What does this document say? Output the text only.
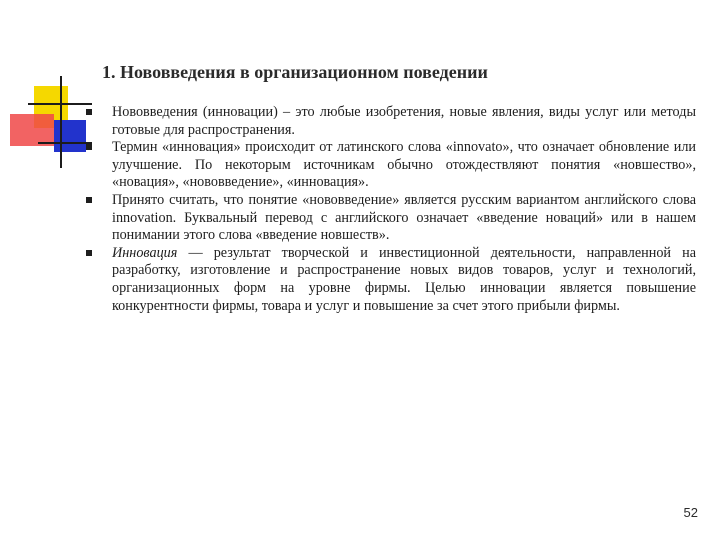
1. Нововведения в организационном поведении
Нововведения (инновации) – это любые изобретения, новые явления, виды услуг или методы готовые для распространения.
Термин «инновация» происходит от латинского слова «innovato», что означает обновление или улучшение. По некоторым источникам обычно отождествляют понятия «новшество», «новация», «нововведение», «инновация».
Принято считать, что понятие «нововведение» является русским вариантом английского слова innovation. Буквальный перевод с английского означает «введение новаций» или в нашем понимании этого слова «введение новшеств».
Инновация — результат творческой и инвестиционной деятельности, направленной на разработку, изготовление и распространение новых видов товаров, услуг и технологий, организационных форм на уровне фирмы. Целью инновации является повышение конкурентности фирмы, товара и услуг и повышение за счет этого прибыли фирмы.
52
